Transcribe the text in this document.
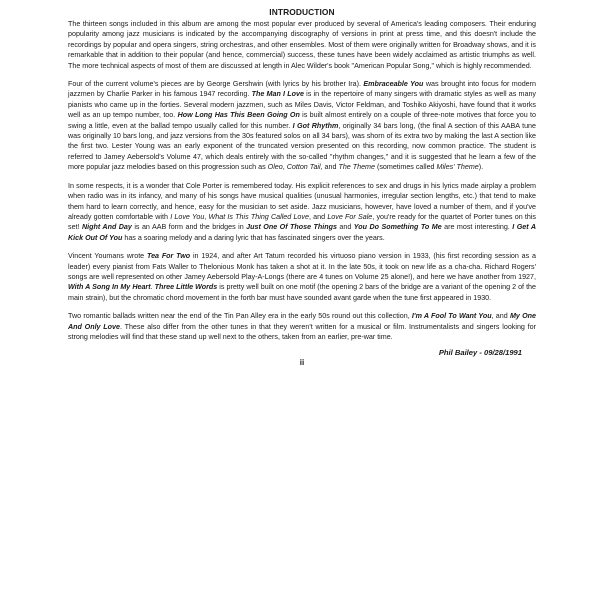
INTRODUCTION

The thirteen songs included in this album are among the most popular ever produced by several of America's leading composers. Their enduring popularity among jazz musicians is indicated by the accompanying discography of versions in print at press time, and this doesn't include the recordings by popular and opera singers, string orchestras, and other ensembles. Most of them were originally written for Broadway shows, and it is remarkable that in addition to their popular (and hence, commercial) success, these tunes have been widely acclaimed as artistic triumphs as well. The more technical aspects of most of them are discussed at length in Alec Wilder's book "American Popular Song," which is highly recommended.

Four of the current volume's pieces are by George Gershwin (with lyrics by his brother Ira). Embraceable You was brought into focus for modern jazzmen by Charlie Parker in his famous 1947 recording. The Man I Love is in the repertoire of many singers with dramatic styles as well as many pianists who came up in the forties. Several modern jazzmen, such as Miles Davis, Victor Feldman, and Toshiko Akiyoshi, have found that it works well as an up tempo number, too. How Long Has This Been Going On is built almost entirely on a couple of three-note motives that force you to swing a little, even at the ballad tempo usually called for this number. I Got Rhythm, originally 34 bars long, (the final A section of this AABA tune was originally 10 bars long, and jazz versions from the 30s featured solos on all 34 bars), was shorn of its extra two by making the last A section like the first two. Lester Young was an early exponent of the truncated version presented on this recording, now common practice. The student is referred to Jamey Aebersold's Volume 47, which deals entirely with the so-called "rhythm changes," and it is suggested that he learn a few of the more popular jazz melodies based on this progression such as Oleo, Cotton Tail, and The Theme (sometimes called Miles' Theme).

In some respects, it is a wonder that Cole Porter is remembered today. His explicit references to sex and drugs in his lyrics made airplay a problem when radio was in its infancy, and many of his songs have musical qualities (unusual harmonies, irregular section lengths, etc.) that tend to make them hard to learn correctly, and hence, easy for the musician to set aside. Jazz musicians, however, have loved a number of them, and if you've already gotten comfortable with I Love You, What Is This Thing Called Love, and Love For Sale, you're ready for the quartet of Porter tunes on this set! Night And Day is an AAB form and the bridges in Just One Of Those Things and You Do Something To Me are most interesting. I Get A Kick Out Of You has a soaring melody and a daring lyric that has fascinated singers over the years.

Vincent Youmans wrote Tea For Two in 1924, and after Art Tatum recorded his virtuoso piano version in 1933, (his first recording session as a leader) every pianist from Fats Waller to Thelonious Monk has taken a shot at it. In the late 50s, it took on new life as a cha-cha. Richard Rogers' songs are well represented on other Jamey Aebersold Play-A-Longs (there are 4 tunes on Volume 25 alone!), and here we have another from 1927, With A Song In My Heart. Three Little Words is pretty well built on one motif (the opening 2 bars of the bridge are a variant of the opening 2 of the main strain), but the chromatic chord movement in the forth bar must have sounded avant garde when the tune first appeared in 1930.

Two romantic ballads written near the end of the Tin Pan Alley era in the early 50s round out this collection, I'm A Fool To Want You, and My One And Only Love. These also differ from the other tunes in that they weren't written for a musical or film. Instrumentalists and singers looking for strong melodies will find that these stand up well next to the others, taken from an earlier, pre-war time.

Phil Bailey - 09/28/1991
ii
